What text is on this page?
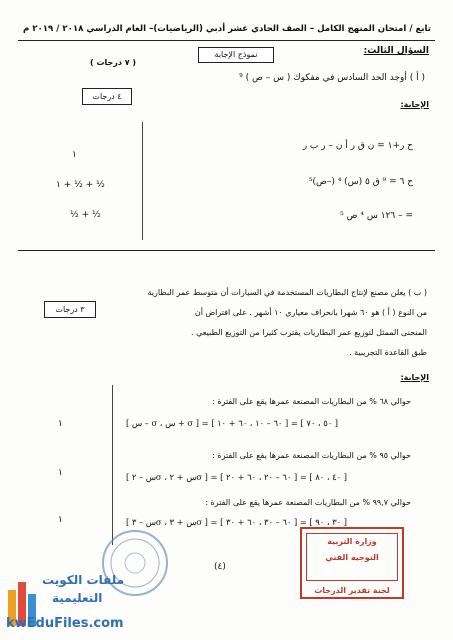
تابع / امتحان المنهج الكامل – الصف الحادي عشر أدبي (الرياضيات)– العام الدراسي ٢٠١٨ / ٢٠١٩ م
السؤال الثالث:
نموذج الإجابة
( ٧ درجات )
٤ درجات
( أ ) أوجد الحد السادس في مفكوك ( س – ص ) ⁹
الإجابة:
ح ر+١ = ن ق ر أ ن – ر ب ر
ح ٦ = ⁹ ق ٥ (س) ⁴ (–ص)⁵
= – ١٢٦ س ⁴ ص ⁵
١
١ + ½ + ½
½ + ½
٣ درجات
( ب ) يعلن مصنع لإنتاج البطاريات المستخدمة في السيارات أن متوسط عمر البطارية
من النوع ( أ ) هو ٦٠ شهرا بانحراف معياري ١٠ أشهر . على افتراض أن
المنحنى الممثل لتوزيع عمر البطاريات يقترب كثيرا من التوزيع الطبيعي .
طبق القاعدة التجريبية .
الإجابة:
حوالي ٦٨ % من البطاريات المصنعة عمرها يقع على الفترة :
[ س – σ ، س + σ ] = [ ٦٠ – ١٠ ، ٦٠ + ١٠ ] = [ ٥٠ ، ٧٠ ]
حوالي ٩٥ % من البطاريات المصنعة عمرها يقع على الفترة :
[ س – ٢σ ، س + ٢σ ] = [ ٦٠ – ٢٠ ، ٦٠ + ٢٠ ] = [ ٤٠ ، ٨٠ ]
حوالي ٩٩,٧ % من البطاريات المصنعة عمرها يقع على الفترة :
[ س – ٣σ ، س + ٣σ ] = [ ٦٠ – ٣٠ ، ٦٠ + ٣٠ ] = [ ٣٠ ، ٩٠ ]
١
١
١
(٤)
وزارة التربية
التوجيه الفني
لجنة تقدير الدرجات
ملفات الكويت
التعليمية
kwEduFiles.com
